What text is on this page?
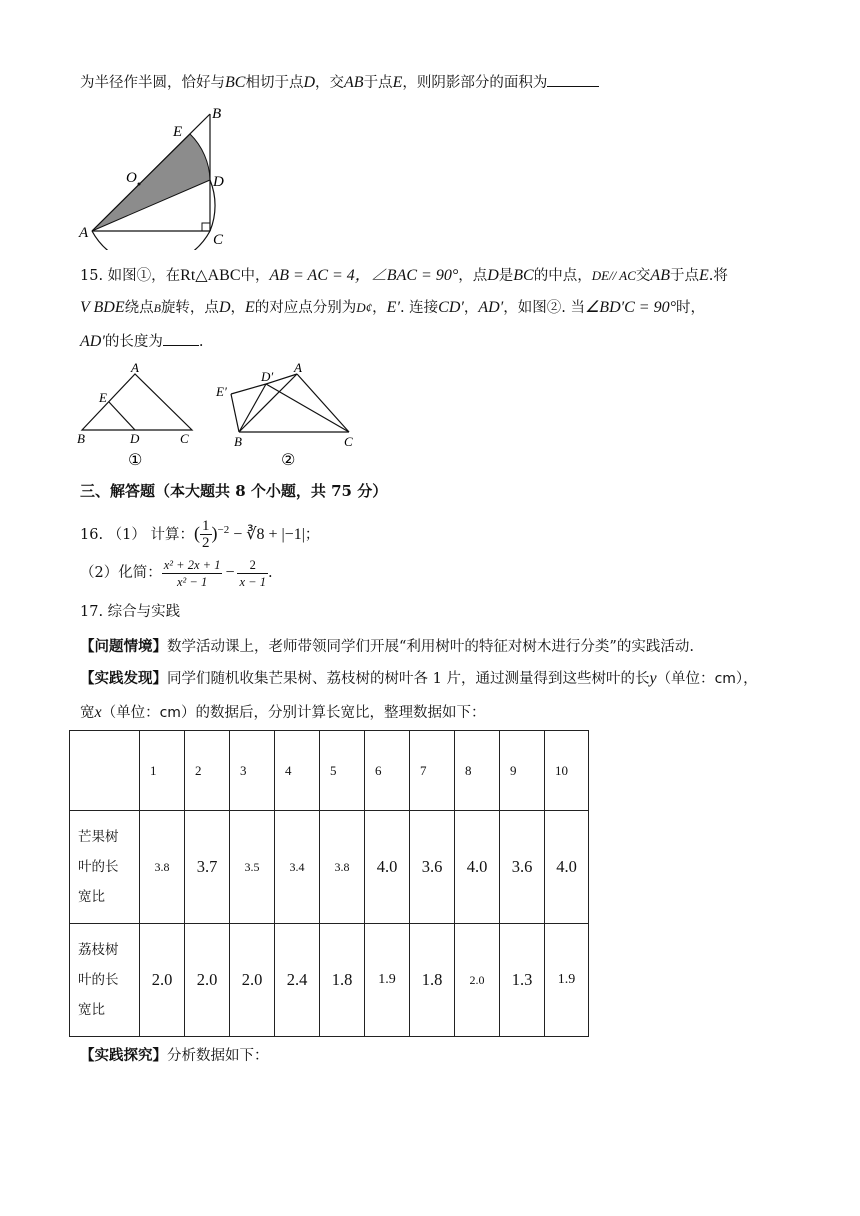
为半径作半圆，恰好与BC相切于点D，交AB于点E，则阴影部分的面积为
B
E
O	D
A	C
15. 如图①，在Rt△ABC中，AB = AC = 4，∠BAC = 90°，点D是BC的中点，DE// AC交AB于点E.将
V BDE绕点B旋转，点D，E的对应点分别为D¢，E′. 连接CD′，AD′，如图②. 当∠BD′C = 90°时，
AD′的长度为 .
A
E
B	D	C
①
E′
D′
A
B	C
②
三、解答题（本大题共 8 个小题，共 75 分）
16. （1） 计算：( $\frac{1}{2} )^{-2}$ − ∛8 + |−1|；
（2）化简： $\frac{\text{x² + 2x + 1}}{\text{x² − 1}} - \frac{2}{x - 1}$ .
17. 综合与实践
【问题情境】数学活动课上，老师带领同学们开展“利用树叶的特征对树木进行分类”的实践活动.
【实践发现】同学们随机收集芒果树、荔枝树的树叶各 1 片，通过测量得到这些树叶的长y（单位：cm），
宽x（单位：cm）的数据后，分别计算长宽比，整理数据如下：
	1	2	3	4	5	6	7	8	9	10

芒果树
叶的长
宽比	3.8	3.7	3.5	3.4	3.8	4.0	3.6	4.0	3.6	4.0

荔枝树
叶的长
宽比	2.0	2.0	2.0	2.4	1.8	1.9	1.8	2.0	1.3	1.9
【实践探究】分析数据如下：
